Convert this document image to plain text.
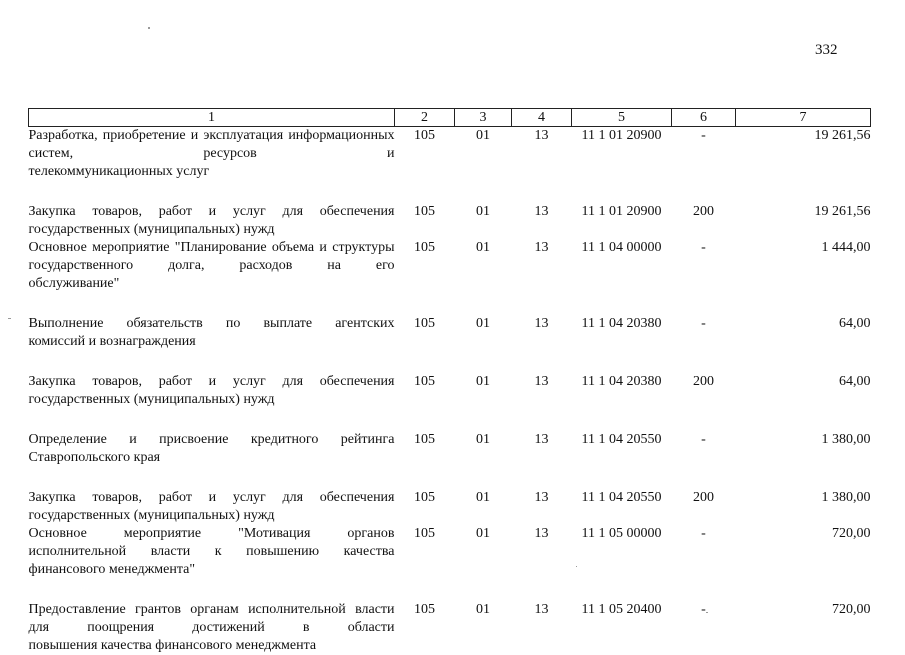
332
1	2	3	4	5	6	7
Разработка, приобретение и эксплуатация информационных систем, ресурсов и
телекоммуникационных услуг	105	01	13	11 1 01 20900	-	19 261,56

Закупка товаров, работ и услуг для обеспечения
государственных (муниципальных) нужд	105	01	13	11 1 01 20900	200	19 261,56
Основное мероприятие "Планирование объема и структуры государственного долга, расходов на его
обслуживание"	105	01	13	11 1 04 00000	-	1 444,00

Выполнение обязательств по выплате агентских
комиссий и вознаграждения	105	01	13	11 1 04 20380	-	64,00

Закупка товаров, работ и услуг для обеспечения
государственных (муниципальных) нужд	105	01	13	11 1 04 20380	200	64,00

Определение и присвоение кредитного рейтинга
Ставропольского края	105	01	13	11 1 04 20550	-	1 380,00

Закупка товаров, работ и услуг для обеспечения
государственных (муниципальных) нужд	105	01	13	11 1 04 20550	200	1 380,00
Основное мероприятие "Мотивация органов исполнительной власти к повышению качества
финансового менеджмента"	105	01	13	11 1 05 00000	-	720,00

Предоставление грантов органам исполнительной власти для поощрения достижений в области
повышения качества финансового менеджмента	105	01	13	11 1 05 20400	-	720,00
